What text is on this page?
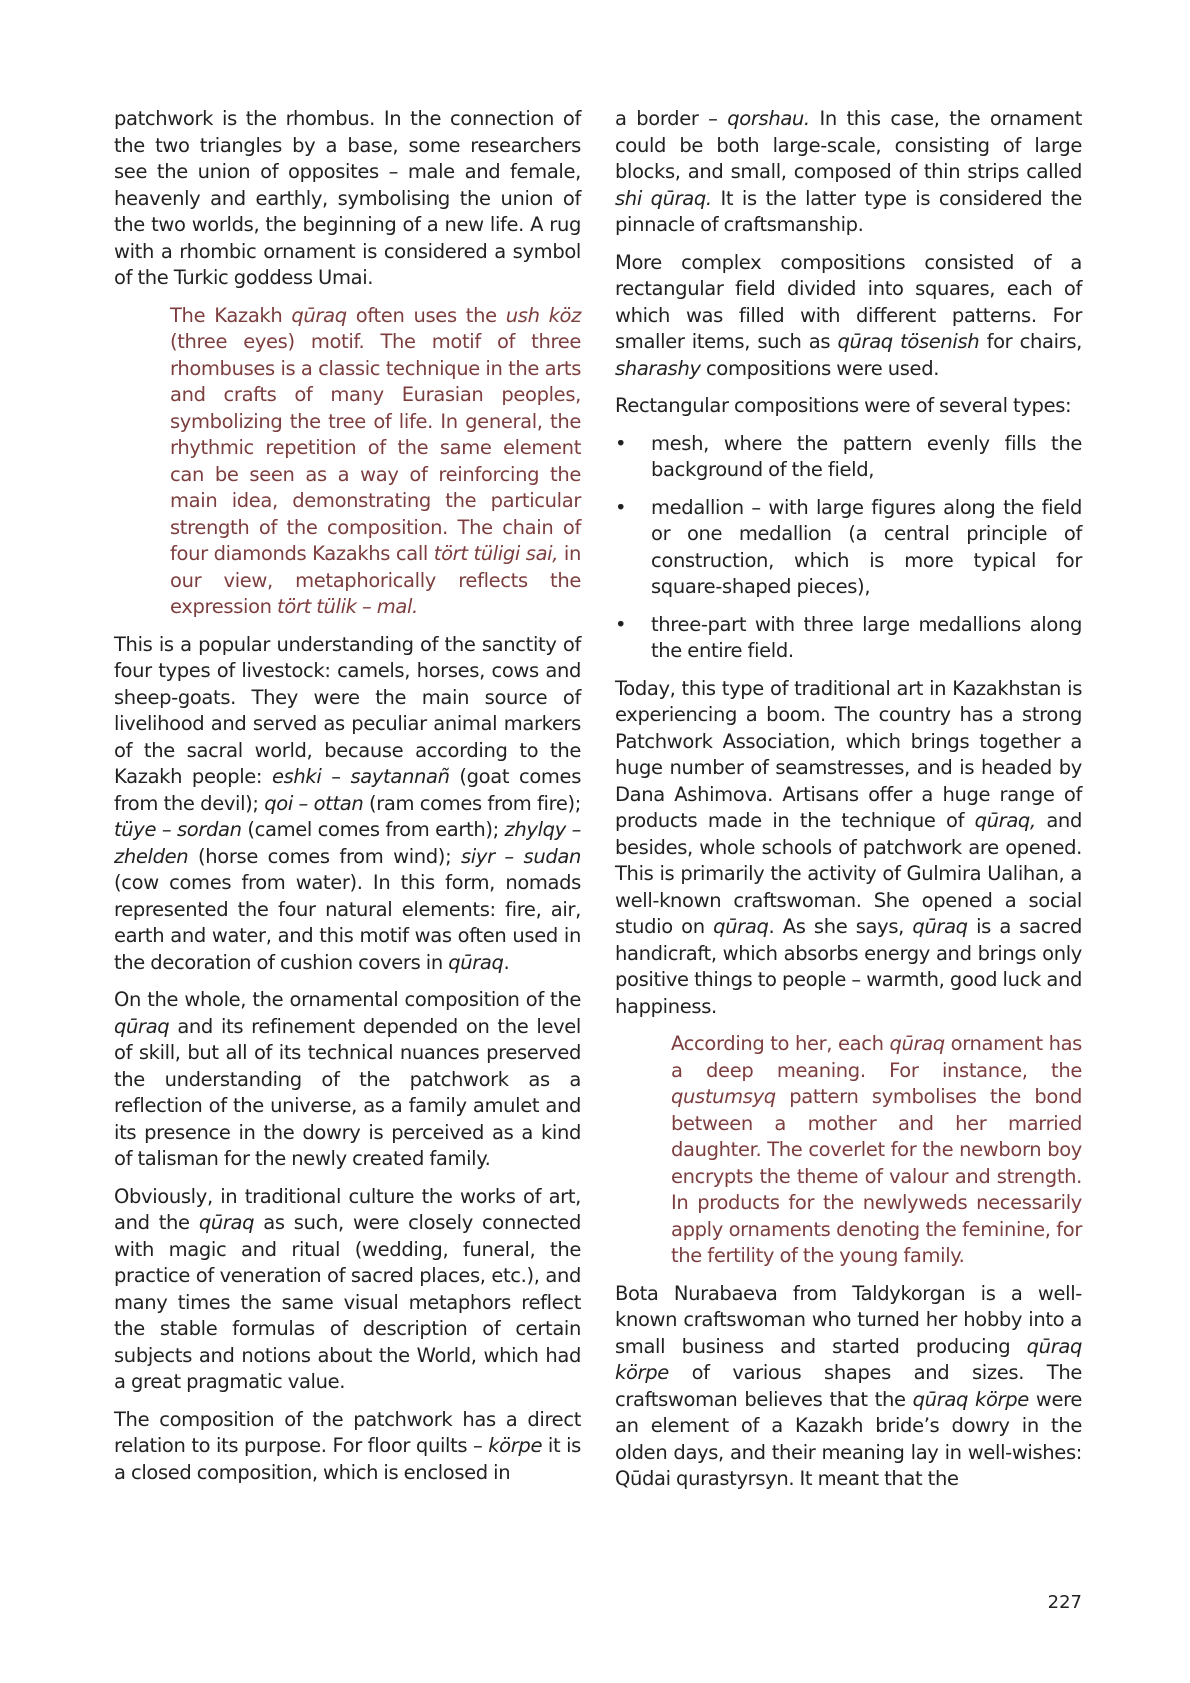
patchwork is the rhombus. In the connection of the two triangles by a base, some researchers see the union of opposites – male and female, heavenly and earthly, symbolising the union of the two worlds, the beginning of a new life. A rug with a rhombic ornament is considered a symbol of the Turkic goddess Umai.

The Kazakh qūraq often uses the ush köz (three eyes) motif. The motif of three rhombuses is a classic technique in the arts and crafts of many Eurasian peoples, symbolizing the tree of life. In general, the rhythmic repetition of the same element can be seen as a way of reinforcing the main idea, demonstrating the particular strength of the composition. The chain of four diamonds Kazakhs call tört tüligi sai, in our view, metaphorically reflects the expression tört tülik – mal.

This is a popular understanding of the sanctity of four types of livestock: camels, horses, cows and sheep-goats. They were the main source of livelihood and served as peculiar animal markers of the sacral world, because according to the Kazakh people: eshki – saytannañ (goat comes from the devil); qoi – ottan (ram comes from fire); tüye – sordan (camel comes from earth); zhylqy – zhelden (horse comes from wind); siyr – sudan (cow comes from water). In this form, nomads represented the four natural elements: fire, air, earth and water, and this motif was often used in the decoration of cushion covers in qūraq.

On the whole, the ornamental composition of the qūraq and its refinement depended on the level of skill, but all of its technical nuances preserved the understanding of the patchwork as a reflection of the universe, as a family amulet and its presence in the dowry is perceived as a kind of talisman for the newly created family.

Obviously, in traditional culture the works of art, and the qūraq as such, were closely connected with magic and ritual (wedding, funeral, the practice of veneration of sacred places, etc.), and many times the same visual metaphors reflect the stable formulas of description of certain subjects and notions about the World, which had a great pragmatic value.

The composition of the patchwork has a direct relation to its purpose. For floor quilts – körpe it is a closed composition, which is enclosed in

a border – qorshau. In this case, the ornament could be both large-scale, consisting of large blocks, and small, composed of thin strips called shi qūraq. It is the latter type is considered the pinnacle of craftsmanship.

More complex compositions consisted of a rectangular field divided into squares, each of which was filled with different patterns. For smaller items, such as qūraq tösenish for chairs, sharashy compositions were used.

Rectangular compositions were of several types:

• mesh, where the pattern evenly fills the background of the field,
• medallion – with large figures along the field or one medallion (a central principle of construction, which is more typical for square-shaped pieces),
• three-part with three large medallions along the entire field.

Today, this type of traditional art in Kazakhstan is experiencing a boom. The country has a strong Patchwork Association, which brings together a huge number of seamstresses, and is headed by Dana Ashimova. Artisans offer a huge range of products made in the technique of qūraq, and besides, whole schools of patchwork are opened. This is primarily the activity of Gulmira Ualihan, a well-known craftswoman. She opened a social studio on qūraq. As she says, qūraq is a sacred handicraft, which absorbs energy and brings only positive things to people – warmth, good luck and happiness.

According to her, each qūraq ornament has a deep meaning. For instance, the qustumsyq pattern symbolises the bond between a mother and her married daughter. The coverlet for the newborn boy encrypts the theme of valour and strength. In products for the newlyweds necessarily apply ornaments denoting the feminine, for the fertility of the young family.

Bota Nurabaeva from Taldykorgan is a well-known craftswoman who turned her hobby into a small business and started producing qūraq körpe of various shapes and sizes. The craftswoman believes that the qūraq körpe were an element of a Kazakh bride’s dowry in the olden days, and their meaning lay in well-wishes: Qūdai qurastyrsyn. It meant that the

227
